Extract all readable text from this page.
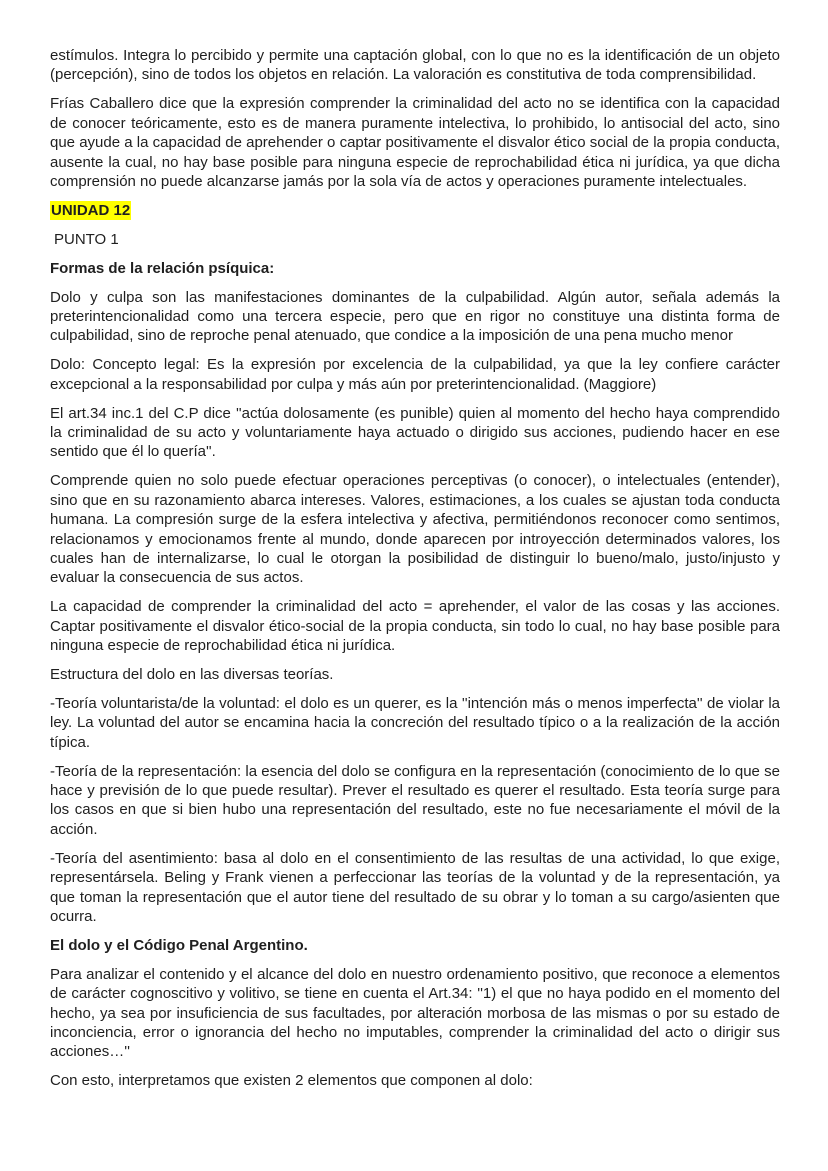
estímulos. Integra lo percibido y permite una captación global, con lo que no es la identificación de un objeto (percepción), sino de todos los objetos en relación. La valoración es constitutiva de toda comprensibilidad.

Frías Caballero dice que la expresión comprender la criminalidad del acto no se identifica con la capacidad de conocer teóricamente, esto es de manera puramente intelectiva, lo prohibido, lo antisocial del acto, sino que ayude a la capacidad de aprehender o captar positivamente el disvalor ético social de la propia conducta, ausente la cual, no hay base posible para ninguna especie de reprochabilidad ética ni jurídica, ya que dicha comprensión no puede alcanzarse jamás por la sola vía de actos y operaciones puramente intelectuales.

UNIDAD 12

PUNTO 1

Formas de la relación psíquica:

Dolo y culpa son las manifestaciones dominantes de la culpabilidad. Algún autor, señala además la preterintencionalidad como una tercera especie, pero que en rigor no constituye una distinta forma de culpabilidad, sino de reproche penal atenuado, que condice a la imposición de una pena mucho menor

Dolo: Concepto legal: Es la expresión por excelencia de la culpabilidad, ya que la ley confiere carácter excepcional a la responsabilidad por culpa y más aún por preterintencionalidad. (Maggiore)

El art.34 inc.1 del C.P dice ''actúa dolosamente (es punible) quien al momento del hecho haya comprendido la criminalidad de su acto y voluntariamente haya actuado o dirigido sus acciones, pudiendo hacer en ese sentido que él lo quería''.

Comprende quien no solo puede efectuar operaciones perceptivas (o conocer), o intelectuales (entender), sino que en su razonamiento abarca intereses. Valores, estimaciones, a los cuales se ajustan toda conducta humana. La compresión surge de la esfera intelectiva y afectiva, permitiéndonos reconocer como sentimos, relacionamos y emocionamos frente al mundo, donde aparecen por introyección determinados valores, los cuales han de internalizarse, lo cual le otorgan la posibilidad de distinguir lo bueno/malo, justo/injusto y evaluar la consecuencia de sus actos.

La capacidad de comprender la criminalidad del acto = aprehender, el valor de las cosas y las acciones. Captar positivamente el disvalor ético-social de la propia conducta, sin todo lo cual, no hay base posible para ninguna especie de reprochabilidad ética ni jurídica.

Estructura del dolo en las diversas teorías.

-Teoría voluntarista/de la voluntad: el dolo es un querer, es la ''intención más o menos imperfecta'' de violar la ley. La voluntad del autor se encamina hacia la concreción del resultado típico o a la realización de la acción típica.

-Teoría de la representación: la esencia del dolo se configura en la representación (conocimiento de lo que se hace y previsión de lo que puede resultar). Prever el resultado es querer el resultado. Esta teoría surge para los casos en que si bien hubo una representación del resultado, este no fue necesariamente el móvil de la acción.

-Teoría del asentimiento: basa al dolo en el consentimiento de las resultas de una actividad, lo que exige, representársela. Beling y Frank vienen a perfeccionar las teorías de la voluntad y de la representación, ya que toman la representación que el autor tiene del resultado de su obrar y lo toman a su cargo/asienten que ocurra.

El dolo y el Código Penal Argentino.

Para analizar el contenido y el alcance del dolo en nuestro ordenamiento positivo, que reconoce a elementos de carácter cognoscitivo y volitivo, se tiene en cuenta el Art.34: ''1) el que no haya podido en el momento del hecho, ya sea por insuficiencia de sus facultades, por alteración morbosa de las mismas o por su estado de inconciencia, error o ignorancia del hecho no imputables, comprender la criminalidad del acto o dirigir sus acciones…''

Con esto, interpretamos que existen 2 elementos que componen al dolo:
